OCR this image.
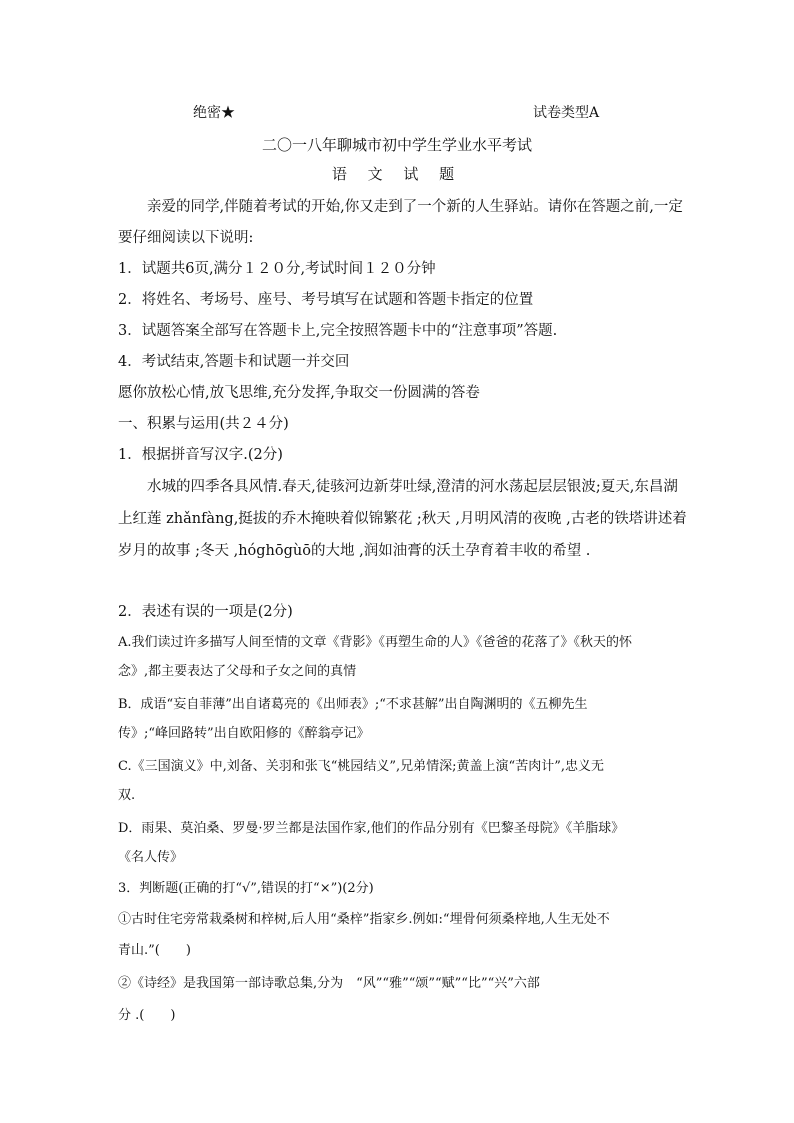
绝密★	试卷类型A
二〇一八年聊城市初中学生学业水平考试
语 文 试 题
亲爱的同学,伴随着考试的开始,你又走到了一个新的人生驿站。请你在答题之前,一定
要仔细阅读以下说明:
1．试题共6页,满分１２０分,考试时间１２０分钟
2．将姓名、考场号、座号、考号填写在试题和答题卡指定的位置
3．试题答案全部写在答题卡上,完全按照答题卡中的“注意事项”答题.
4．考试结束,答题卡和试题一并交回
愿你放松心情,放飞思维,充分发挥,争取交一份圆满的答卷
一、积累与运用(共２４分)
1．根据拼音写汉字.(2分)
水城的四季各具风情.春天,徒骇河边新芽吐绿,澄清的河水荡起层层银波;夏天,东昌湖
上红莲 zhǎnfàng,挺拔的乔木掩映着似锦繁花 ;秋天 ,月明风清的夜晚 ,古老的铁塔讲述着
岁月的故事 ;冬天 ,hóghōgùō的大地 ,润如油膏的沃土孕育着丰收的希望 .
2．表述有误的一项是(2分)
A.我们读过许多描写人间至情的文章《背影》《再塑生命的人》《爸爸的花落了》《秋天的怀
念》,都主要表达了父母和子女之间的真情
B．成语“妄自菲薄”出自诸葛亮的《出师表》;“不求甚解”出自陶渊明的《五柳先生
传》;“峰回路转”出自欧阳修的《醉翁亭记》
C.《三国演义》中,刘备、关羽和张飞“桃园结义”,兄弟情深;黄盖上演“苦肉计”,忠义无
双.
D．雨果、莫泊桑、罗曼·罗兰都是法国作家,他们的作品分别有《巴黎圣母院》《羊脂球》
《名人传》
3．判断题(正确的打“√”,错误的打“×”)(2分)
①古时住宅旁常栽桑树和梓树,后人用“桑梓”指家乡.例如:“埋骨何须桑梓地,人生无处不
青山.”(　　)
②《诗经》是我国第一部诗歌总集,分为　“风”“雅”“颂”“赋”“比”“兴”六部
分 .(　　)
